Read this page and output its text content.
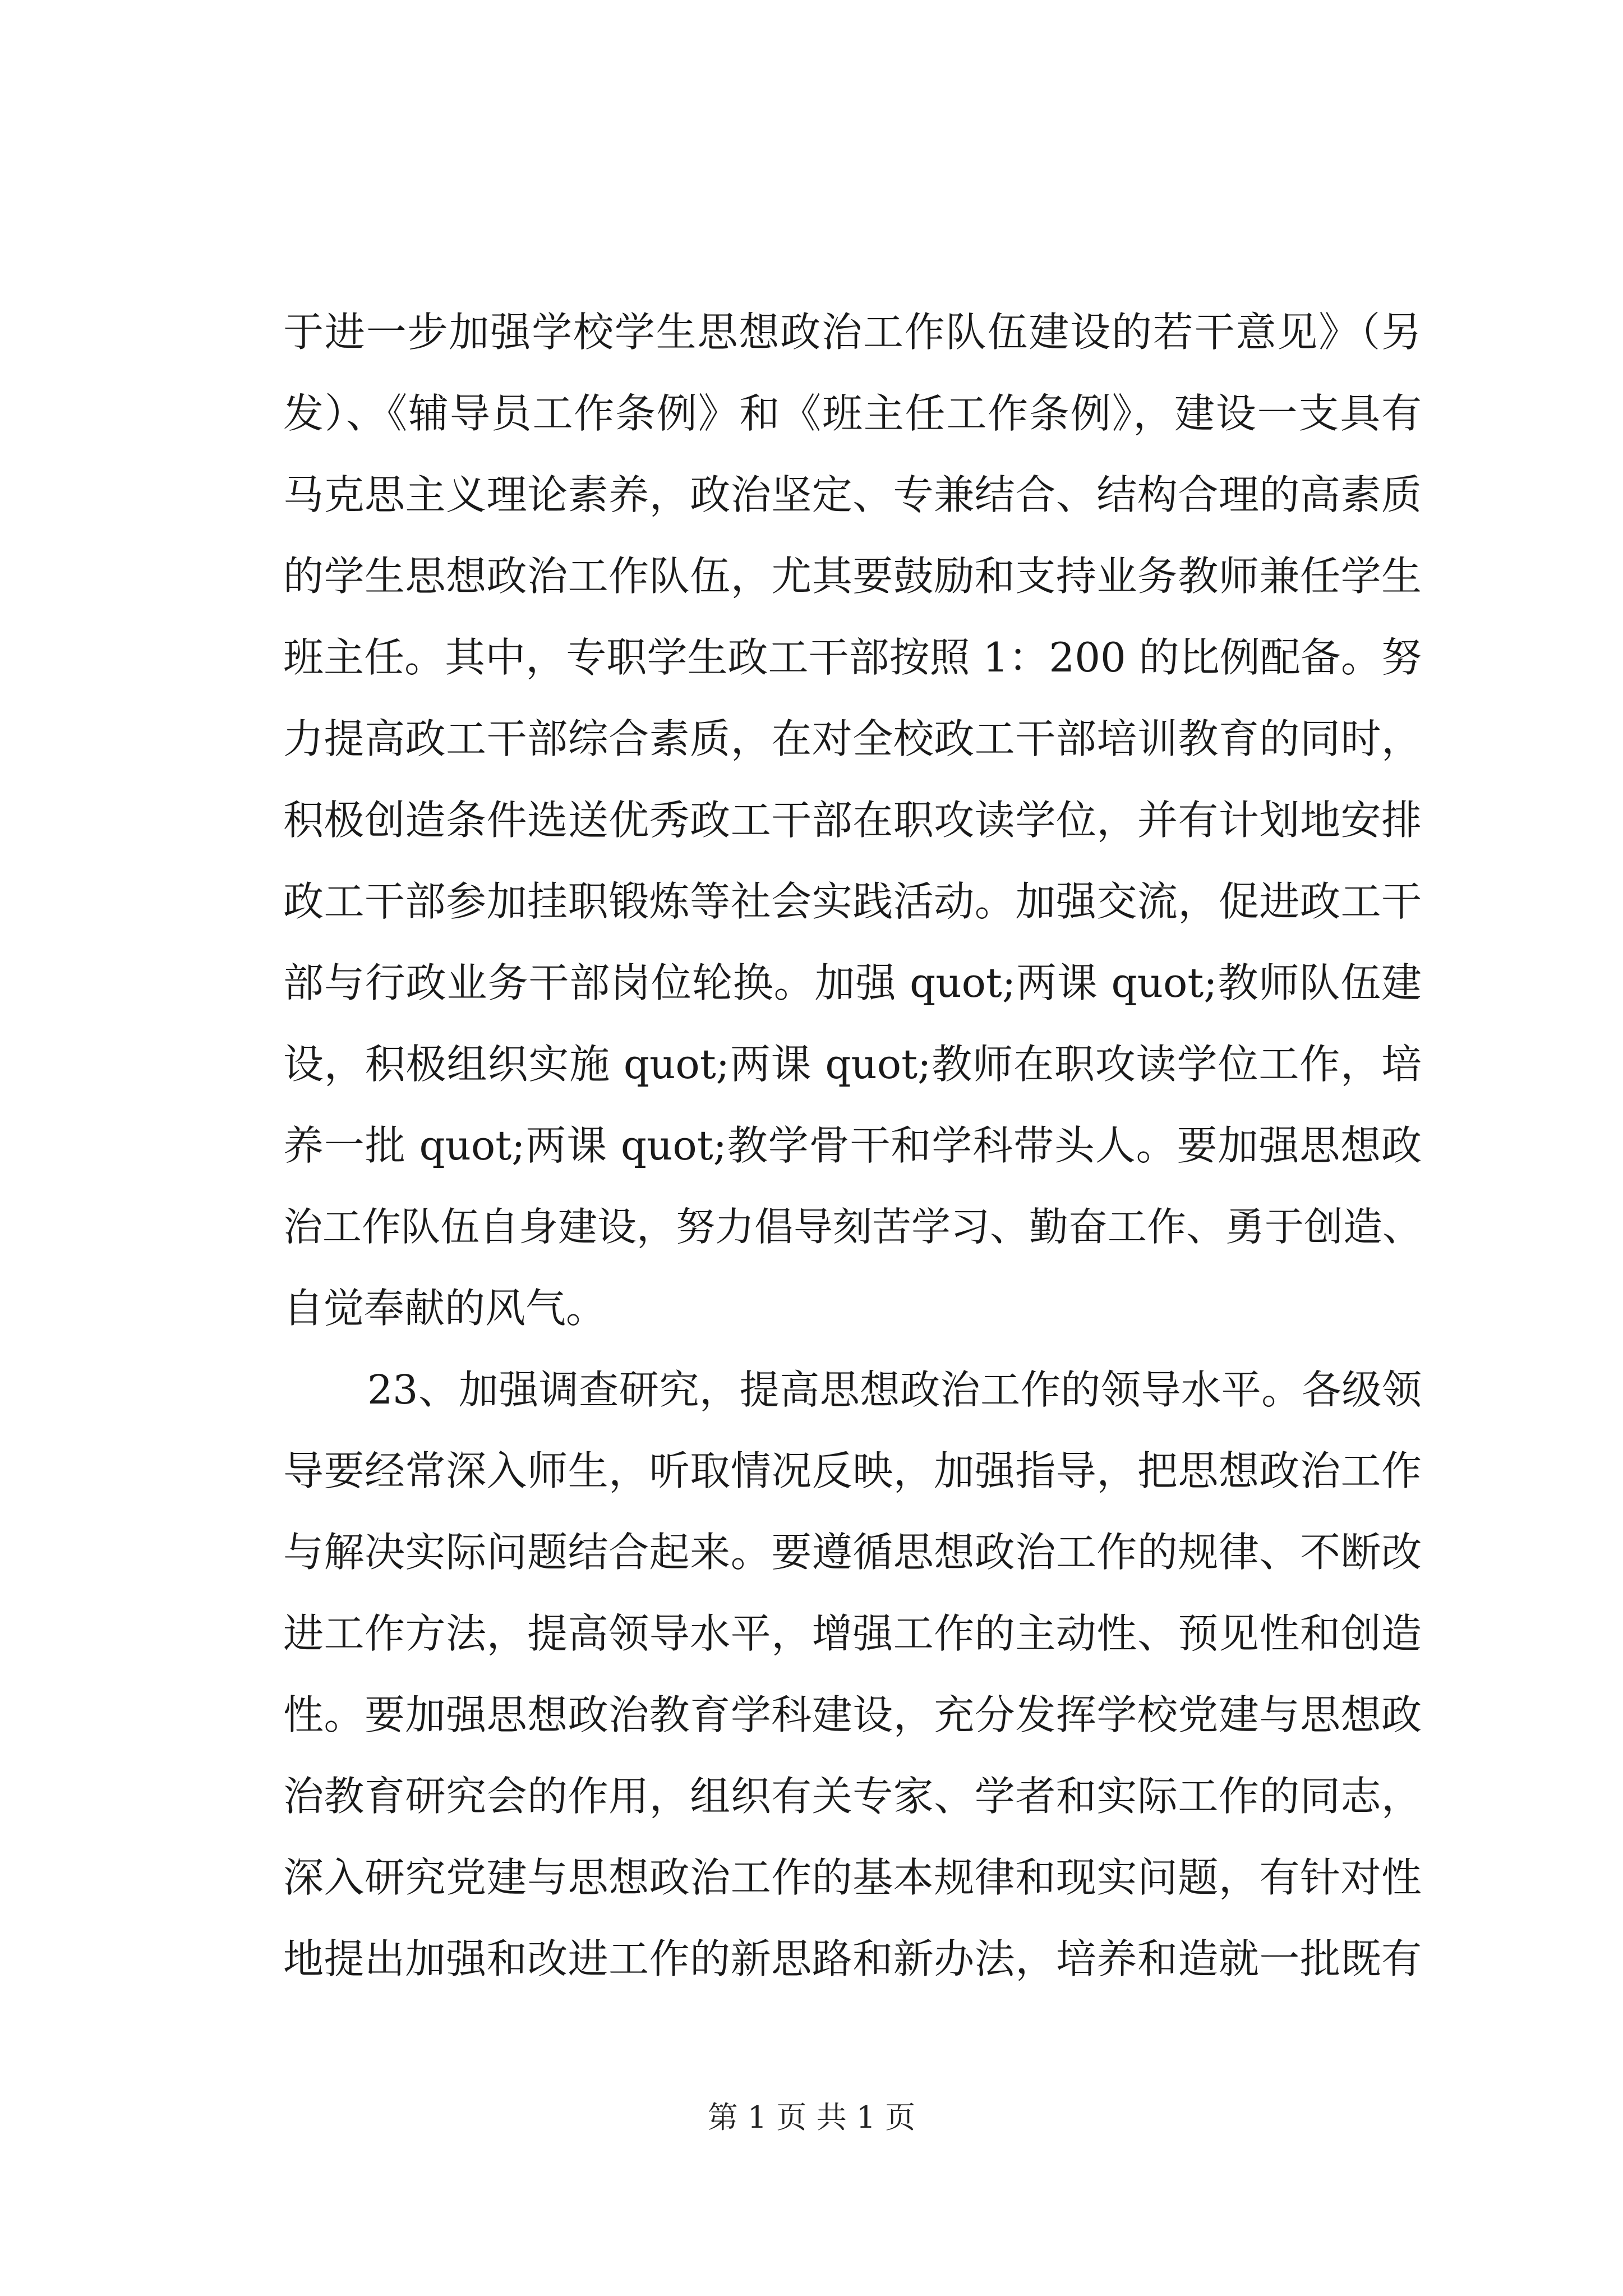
于进一步加强学校学生思想政治工作队伍建设的若干意见》（另
发）、《辅导员工作条例》和《班主任工作条例》，建设一支具有
马克思主义理论素养，政治坚定、专兼结合、结构合理的高素质
的学生思想政治工作队伍，尤其要鼓励和支持业务教师兼任学生
班主任。其中，专职学生政工干部按照 1：200 的比例配备。努
力提高政工干部综合素质，在对全校政工干部培训教育的同时，
积极创造条件选送优秀政工干部在职攻读学位，并有计划地安排
政工干部参加挂职锻炼等社会实践活动。加强交流，促进政工干
部与行政业务干部岗位轮换。加强 quot;两课 quot;教师队伍建
设，积极组织实施 quot;两课 quot;教师在职攻读学位工作，培
养一批 quot;两课 quot;教学骨干和学科带头人。要加强思想政
治工作队伍自身建设，努力倡导刻苦学习、勤奋工作、勇于创造、
自觉奉献的风气。
23、加强调查研究，提高思想政治工作的领导水平。各级领
导要经常深入师生，听取情况反映，加强指导，把思想政治工作
与解决实际问题结合起来。要遵循思想政治工作的规律、不断改
进工作方法，提高领导水平，增强工作的主动性、预见性和创造
性。要加强思想政治教育学科建设，充分发挥学校党建与思想政
治教育研究会的作用，组织有关专家、学者和实际工作的同志，
深入研究党建与思想政治工作的基本规律和现实问题，有针对性
地提出加强和改进工作的新思路和新办法，培养和造就一批既有
第 1 页 共 1 页
